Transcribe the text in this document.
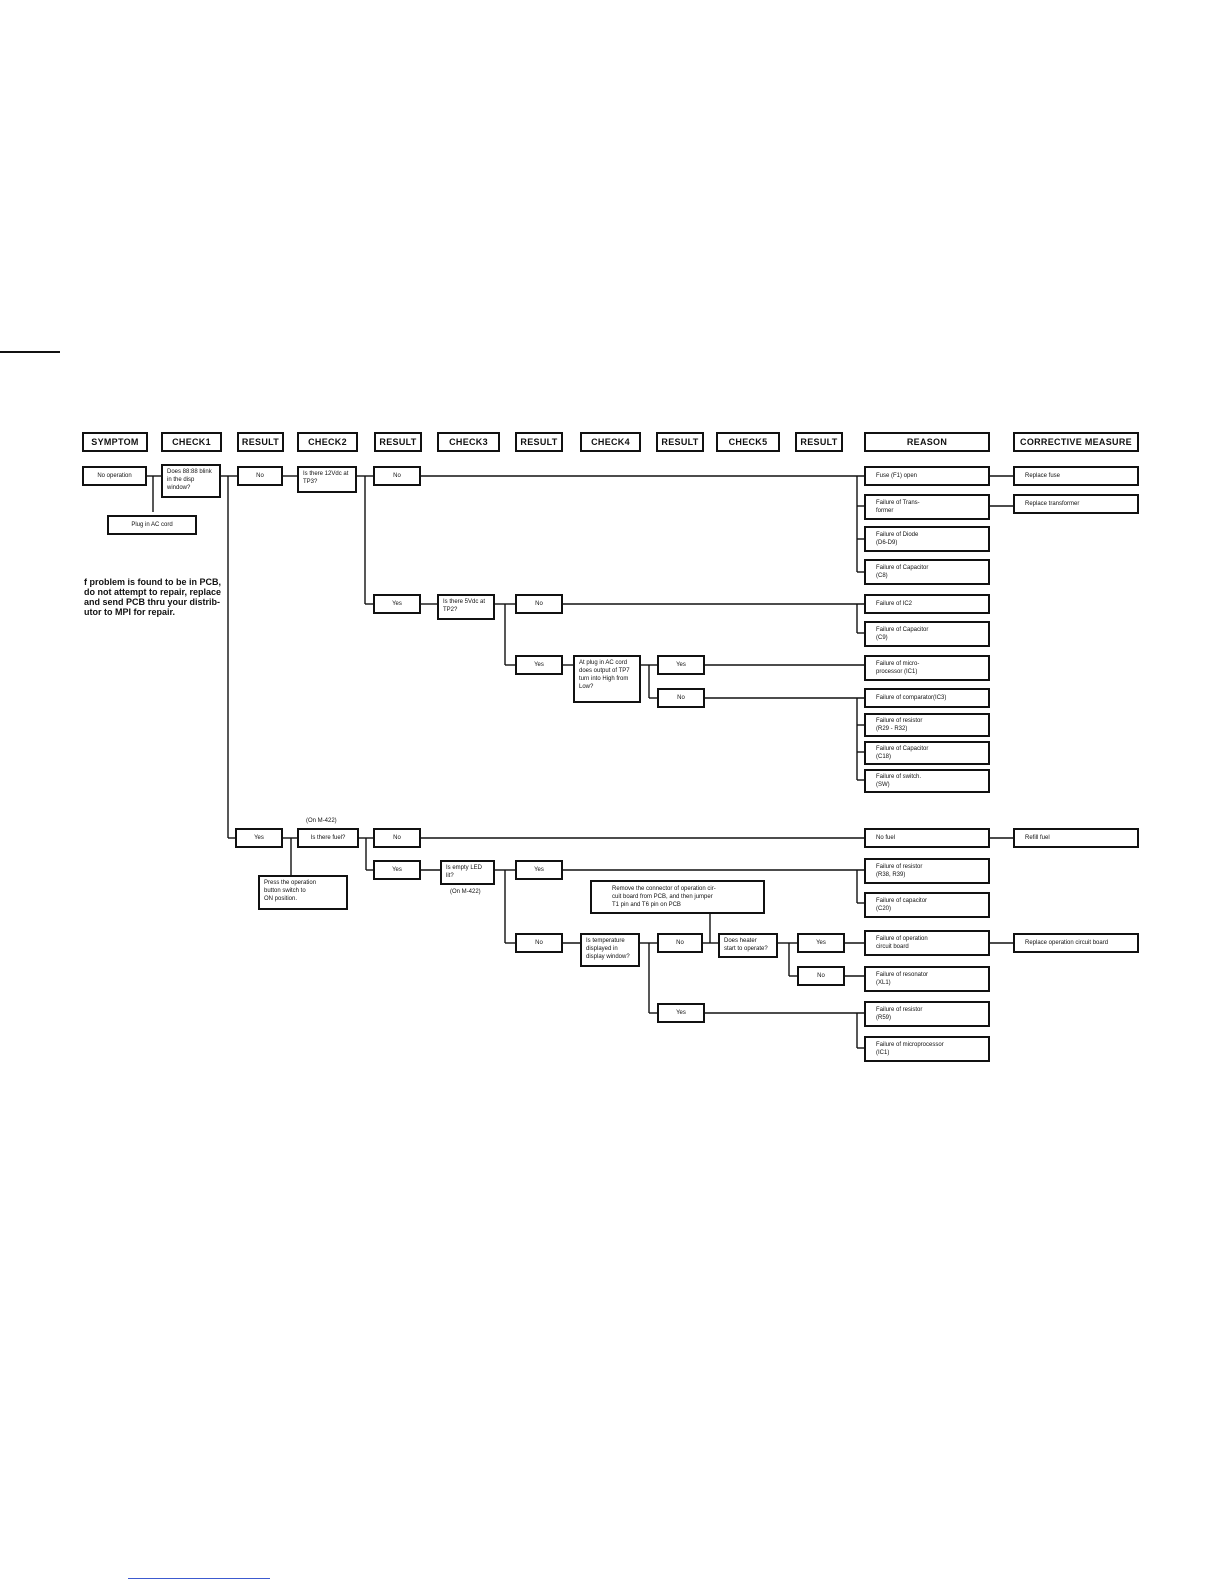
SYMPTOM	CHECK1	RESULT	CHECK2	RESULT	CHECK3	RESULT	CHECK4	RESULT	CHECK5	RESULT	REASON	CORRECTIVE MEASURE
No operation
Does 88:88 blink
in the disp
window?
Plug in AC cord
f problem is found to be in PCB,
do not attempt to repair, replace
and send PCB thru your distrib-
utor to MPI for repair.
No
Yes
Is there 12Vdc at
TP3?
Is there fuel?
(On M-422)
Press the operation
button switch to
ON position.
No
Yes
No
Yes
Is there 5Vdc at
TP2?
Is empty LED
lit?
(On M-422)
No
Yes
Yes
No
At plug in AC cord
does output of TP7
turn into High from
Low?
Is temperature
displayed in
display window?
Remove the connector of operation cir-
cuit board from PCB, and then jumper
T1 pin and T6 pin on PCB
Yes
No
No
Yes
Does heater
start to operate?
Yes
No
Fuse (F1) open
Failure of Trans-
former
Failure of Diode
(D6-D9)
Failure of Capacitor
(C8)
Failure of IC2
Failure of Capacitor
(C9)
Failure of micro-
processor (IC1)
Failure of comparator(IC3)
Failure of resistor
(R29 - R32)
Failure of Capacitor
(C18)
Failure of switch.
(SW)
No fuel
Failure of resistor
(R38, R39)
Failure of capacitor
(C20)
Failure of operation
circuit board
Failure of resonator
(XL1)
Failure of resistor
(R59)
Failure of microprocessor
(IC1)
Replace fuse
Replace transformer
Refill fuel
Replace operation circuit board
